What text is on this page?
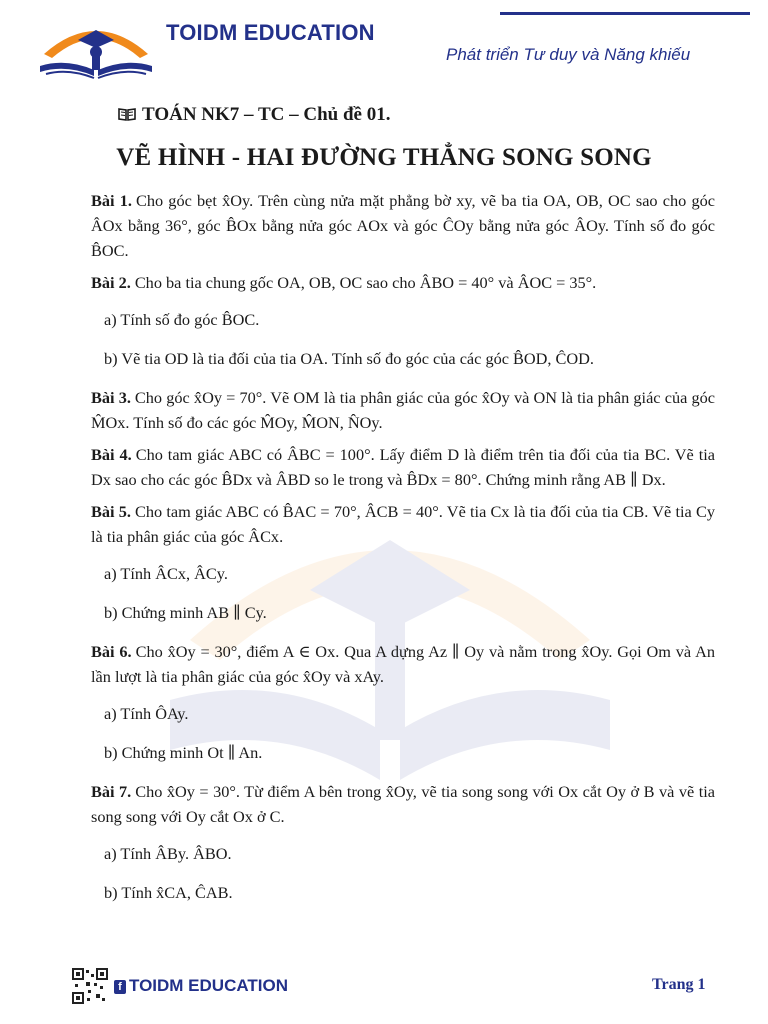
TOIDM EDUCATION
Phát triển Tư duy và Năng khiếu
TOÁN NK7 – TC – Chủ đề 01.
VẼ HÌNH - HAI ĐƯỜNG THẲNG SONG SONG
Bài 1. Cho góc bẹt x̂Oy. Trên cùng nửa mặt phẳng bờ xy, vẽ ba tia OA, OB, OC sao cho góc ÂOx bằng 36°, góc B̂Ox bằng nửa góc AOx và góc ĈOy bằng nửa góc ÂOy. Tính số đo góc B̂OC.
Bài 2. Cho ba tia chung gốc OA, OB, OC sao cho ÂBO = 40° và ÂOC = 35°.
a) Tính số đo góc B̂OC.
b) Vẽ tia OD là tia đối của tia OA. Tính số đo góc của các góc B̂OD, ĈOD.
Bài 3. Cho góc x̂Oy = 70°. Vẽ OM là tia phân giác của góc x̂Oy và ON là tia phân giác của góc M̂Ox. Tính số đo các góc M̂Oy, M̂ON, N̂Oy.
Bài 4. Cho tam giác ABC có ÂBC = 100°. Lấy điểm D là điểm trên tia đối của tia BC. Vẽ tia Dx sao cho các góc B̂Dx và ÂBD so le trong và B̂Dx = 80°. Chứng minh rằng AB ∥ Dx.
Bài 5. Cho tam giác ABC có B̂AC = 70°, ÂCB = 40°. Vẽ tia Cx là tia đối của tia CB. Vẽ tia Cy là tia phân giác của góc ÂCx.
a) Tính ÂCx, ÂCy.
b) Chứng minh AB ∥ Cy.
Bài 6. Cho x̂Oy = 30°, điểm A ∈ Ox. Qua A dựng Az ∥ Oy và nằm trong x̂Oy. Gọi Om và An lần lượt là tia phân giác của góc x̂Oy và xAy.
a) Tính ÔAy.
b) Chứng minh Ot ∥ An.
Bài 7. Cho x̂Oy = 30°. Từ điểm A bên trong x̂Oy, vẽ tia song song với Ox cắt Oy ở B và vẽ tia song song với Oy cắt Ox ở C.
a) Tính ÂBy. ÂBO.
b) Tính x̂CA, ĈAB.
f TOIDM EDUCATION	Trang 1
